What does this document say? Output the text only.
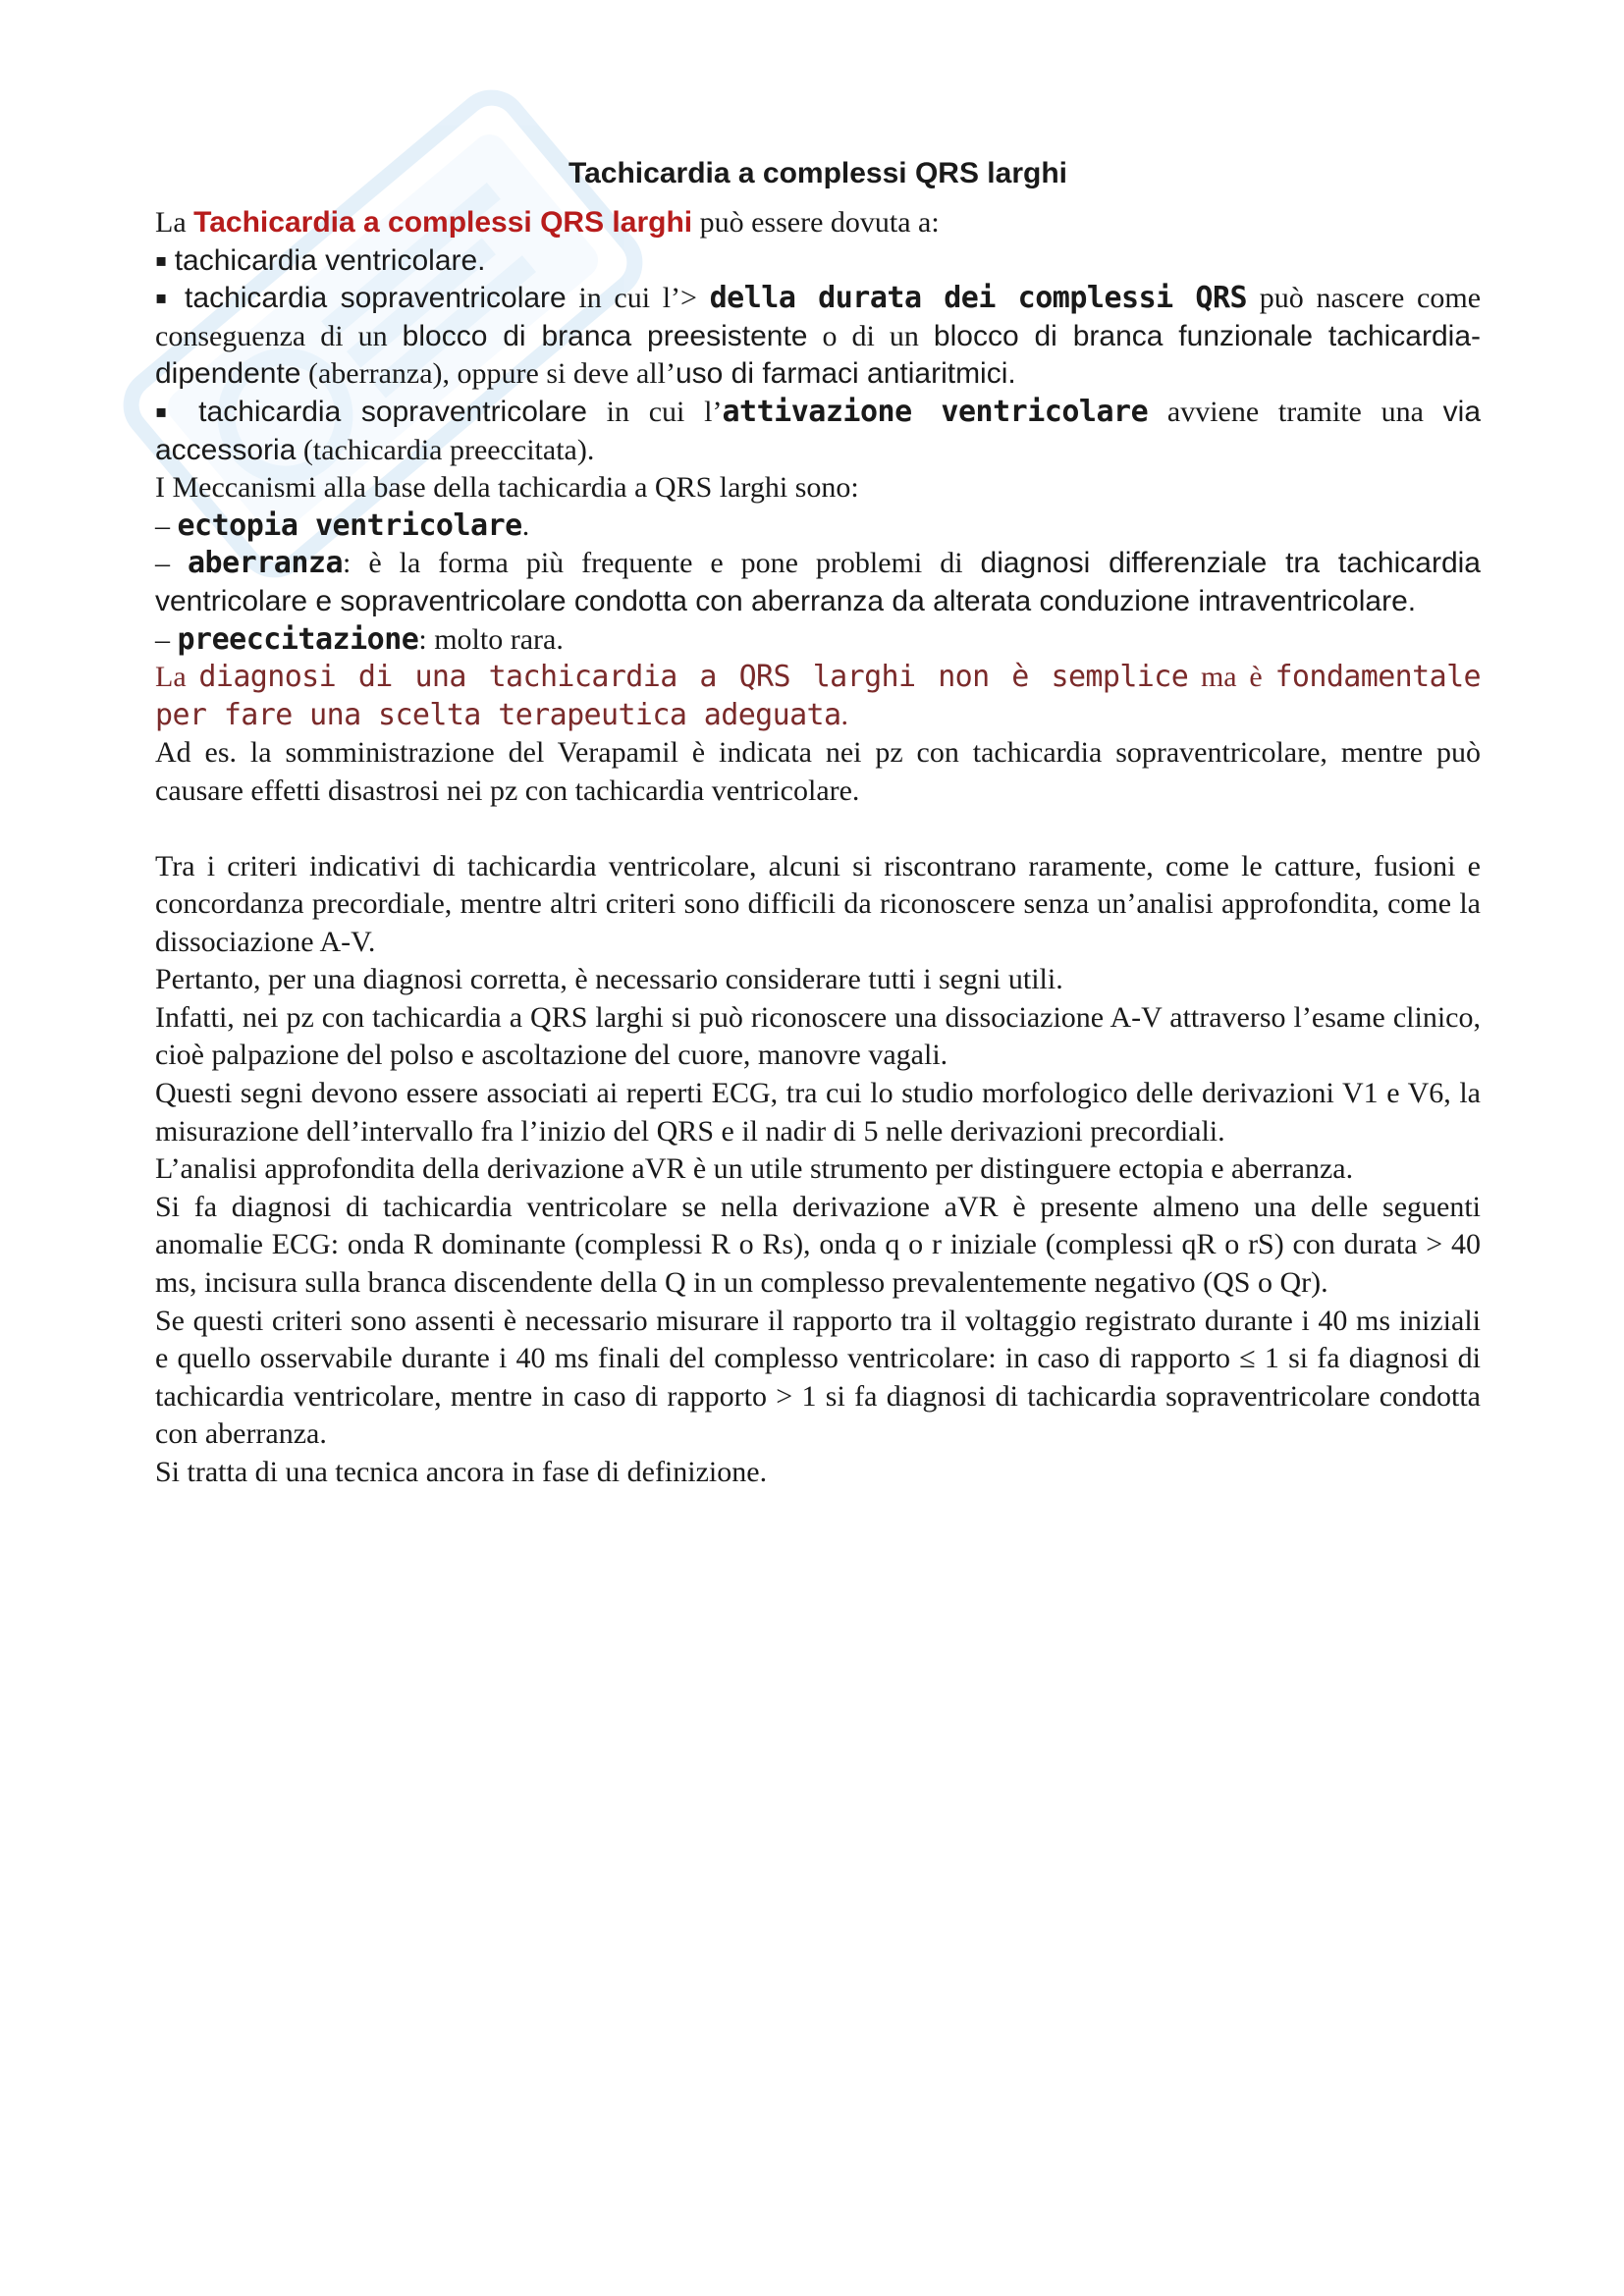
Tachicardia a complessi QRS larghi

La Tachicardia a complessi QRS larghi può essere dovuta a:

▪ tachicardia ventricolare.

▪ tachicardia sopraventricolare in cui l’> della durata dei complessi QRS può nascere come conseguenza di un blocco di branca preesistente o di un blocco di branca funzionale tachicardia-dipendente (aberranza), oppure si deve all’uso di farmaci antiaritmici.

▪ tachicardia sopraventricolare in cui l’attivazione ventricolare avviene tramite una via accessoria (tachicardia preeccitata).

I Meccanismi alla base della tachicardia a QRS larghi sono:

– ectopia ventricolare.

– aberranza: è la forma più frequente e pone problemi di diagnosi differenziale tra tachicardia ventricolare e sopraventricolare condotta con aberranza da alterata conduzione intraventricolare.

– preeccitazione: molto rara.

La diagnosi di una tachicardia a QRS larghi non è semplice ma è fondamentale per fare una scelta terapeutica adeguata.

Ad es. la somministrazione del Verapamil è indicata nei pz con tachicardia sopraventricolare, mentre può causare effetti disastrosi nei pz con tachicardia ventricolare.

Tra i criteri indicativi di tachicardia ventricolare, alcuni si riscontrano raramente, come le catture, fusioni e concordanza precordiale, mentre altri criteri sono difficili da riconoscere senza un’analisi approfondita, come la dissociazione A-V.

Pertanto, per una diagnosi corretta, è necessario considerare tutti i segni utili.

Infatti, nei pz con tachicardia a QRS larghi si può riconoscere una dissociazione A-V attraverso l’esame clinico, cioè palpazione del polso e ascoltazione del cuore, manovre vagali.

Questi segni devono essere associati ai reperti ECG, tra cui lo studio morfologico delle derivazioni V1 e V6, la misurazione dell’intervallo fra l’inizio del QRS e il nadir di 5 nelle derivazioni precordiali.

L’analisi approfondita della derivazione aVR è un utile strumento per distinguere ectopia e aberranza.

Si fa diagnosi di tachicardia ventricolare se nella derivazione aVR è presente almeno una delle seguenti anomalie ECG: onda R dominante (complessi R o Rs), onda q o r iniziale (complessi qR o rS) con durata > 40 ms, incisura sulla branca discendente della Q in un complesso prevalentemente negativo (QS o Qr).

Se questi criteri sono assenti è necessario misurare il rapporto tra il voltaggio registrato durante i 40 ms iniziali e quello osservabile durante i 40 ms finali del complesso ventricolare: in caso di rapporto ≤ 1 si fa diagnosi di tachicardia ventricolare, mentre in caso di rapporto > 1 si fa diagnosi di tachicardia sopraventricolare condotta con aberranza.

Si tratta di una tecnica ancora in fase di definizione.
